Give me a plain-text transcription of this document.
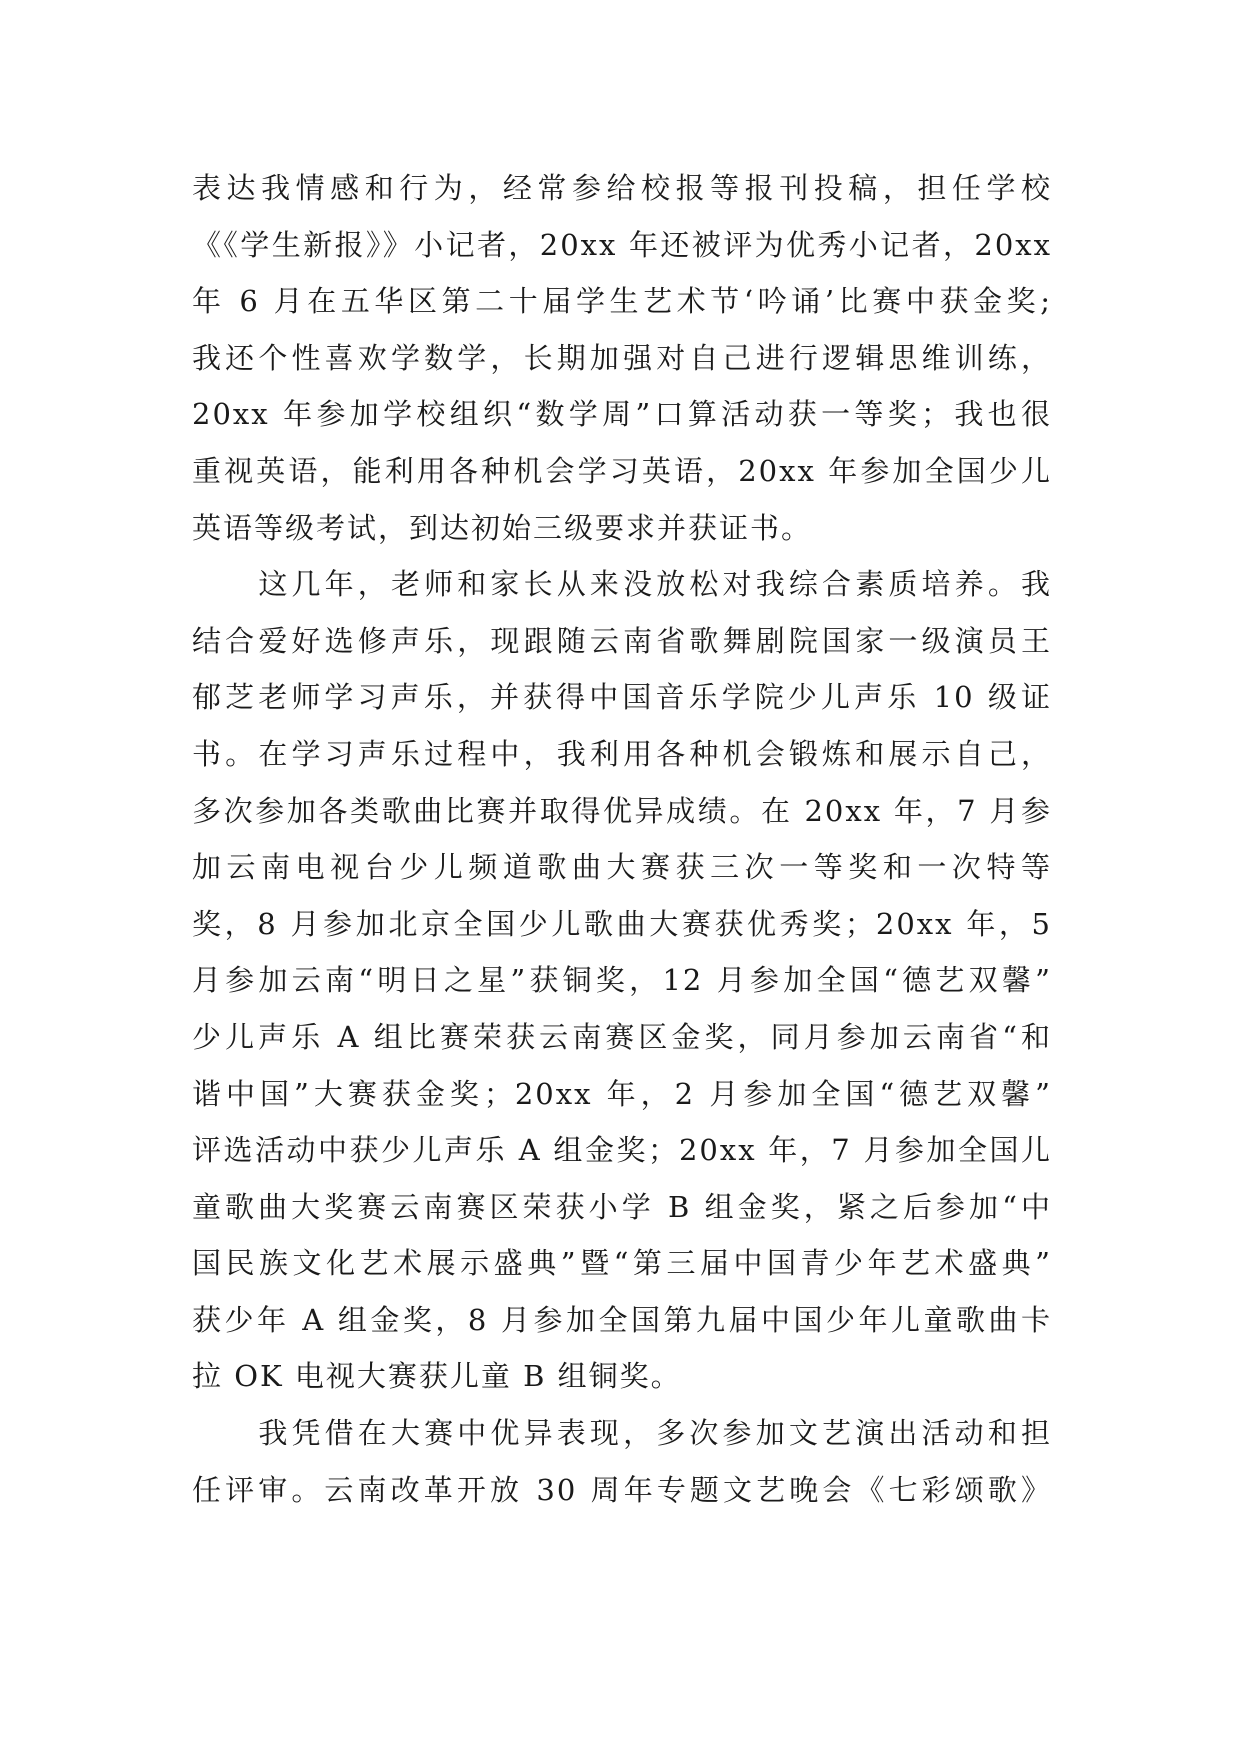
表达我情感和行为，经常参给校报等报刊投稿，担任学校
《《学生新报》》小记者，20xx 年还被评为优秀小记者，20xx
年 6 月在五华区第二十届学生艺术节‘吟诵’比赛中获金奖;
我还个性喜欢学数学，长期加强对自己进行逻辑思维训练，
20xx 年参加学校组织“数学周”口算活动获一等奖；我也很
重视英语，能利用各种机会学习英语，20xx 年参加全国少儿
英语等级考试，到达初始三级要求并获证书。
　　这几年，老师和家长从来没放松对我综合素质培养。我
结合爱好选修声乐，现跟随云南省歌舞剧院国家一级演员王
郁芝老师学习声乐，并获得中国音乐学院少儿声乐 10 级证
书。在学习声乐过程中，我利用各种机会锻炼和展示自己，
多次参加各类歌曲比赛并取得优异成绩。在 20xx 年，7 月参
加云南电视台少儿频道歌曲大赛获三次一等奖和一次特等
奖，8 月参加北京全国少儿歌曲大赛获优秀奖；20xx 年，5
月参加云南“明日之星”获铜奖，12 月参加全国“德艺双馨”
少儿声乐 A 组比赛荣获云南赛区金奖，同月参加云南省“和
谐中国”大赛获金奖；20xx 年，2 月参加全国“德艺双馨”
评选活动中获少儿声乐 A 组金奖；20xx 年，7 月参加全国儿
童歌曲大奖赛云南赛区荣获小学 B 组金奖，紧之后参加“中
国民族文化艺术展示盛典”暨“第三届中国青少年艺术盛典”
获少年 A 组金奖，8 月参加全国第九届中国少年儿童歌曲卡
拉 OK 电视大赛获儿童 B 组铜奖。
　　我凭借在大赛中优异表现，多次参加文艺演出活动和担
任评审。云南改革开放 30 周年专题文艺晚会《七彩颂歌》
